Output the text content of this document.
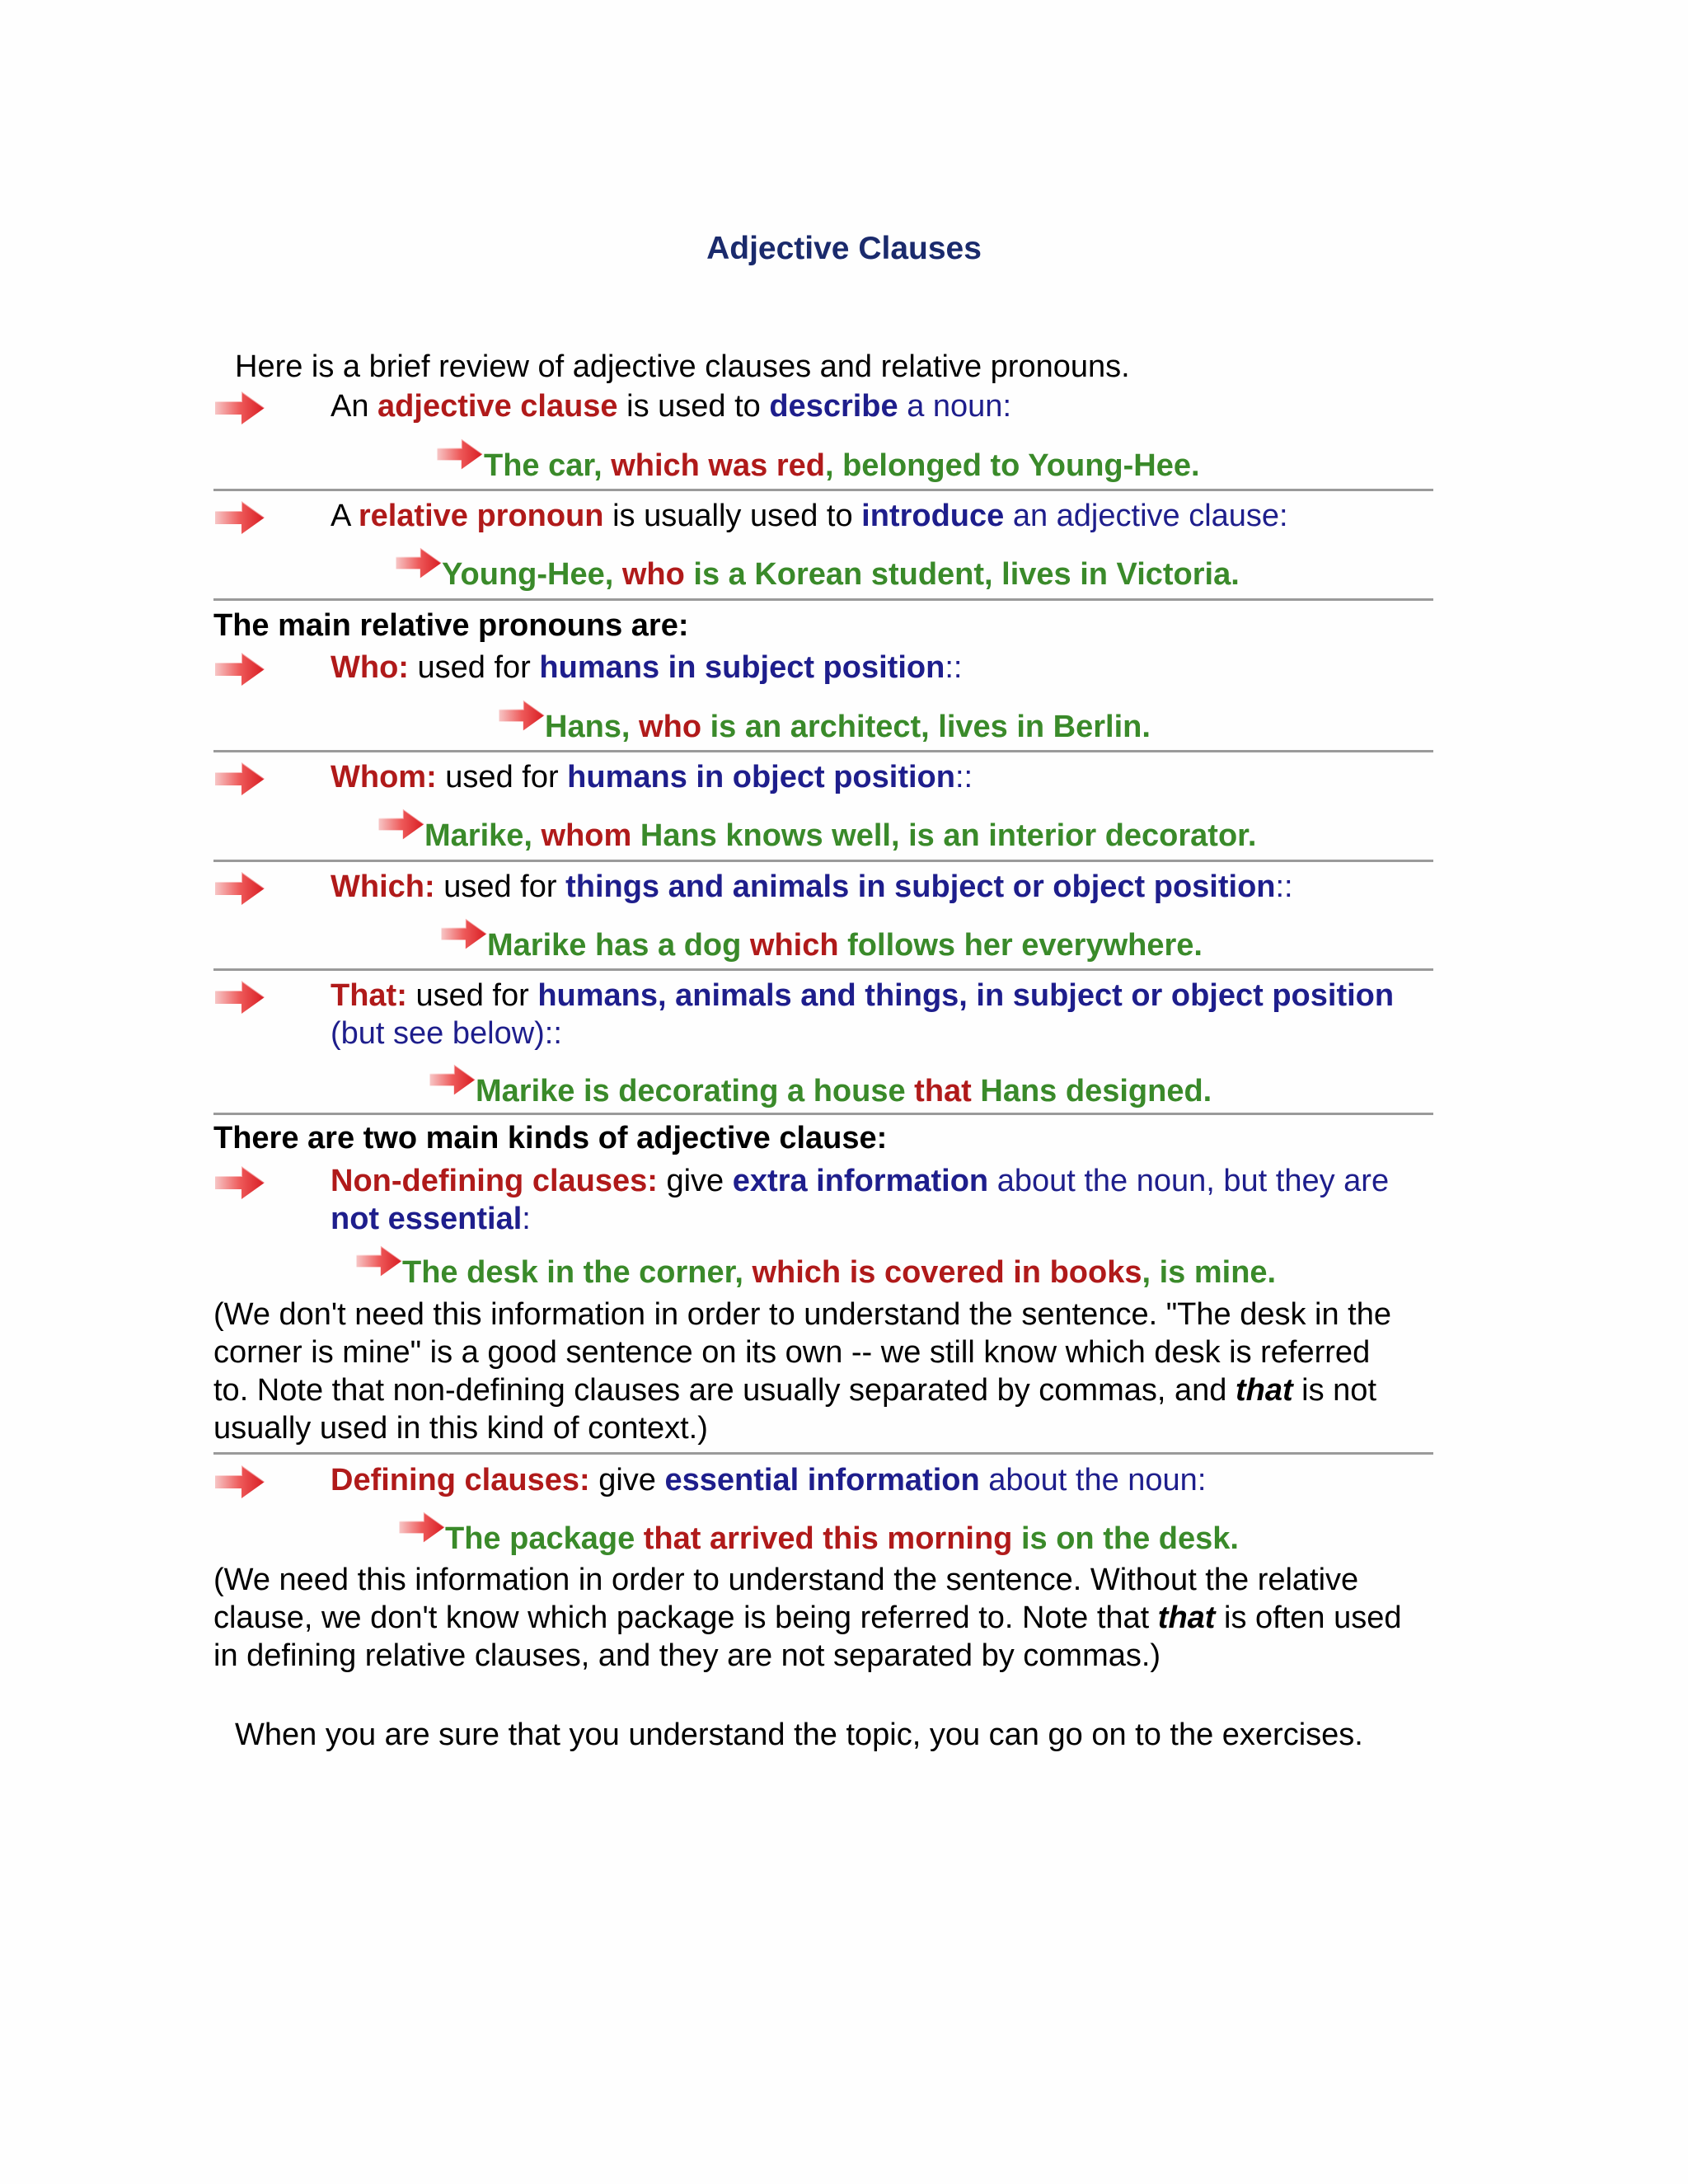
Adjective Clauses
Here is a brief review of adjective clauses and relative pronouns.
An adjective clause is used to describe a noun:
The car, which was red, belonged to Young-Hee.
A relative pronoun is usually used to introduce an adjective clause:
Young-Hee, who is a Korean student, lives in Victoria.
The main relative pronouns are:
Who: used for humans in subject position::
Hans, who is an architect, lives in Berlin.
Whom: used for humans in object position::
Marike, whom Hans knows well, is an interior decorator.
Which: used for things and animals in subject or object position::
Marike has a dog which follows her everywhere.
That: used for humans, animals and things, in subject or object position
(but see below)::
Marike is decorating a house that Hans designed.
There are two main kinds of adjective clause:
Non-defining clauses: give extra information about the noun, but they are
not essential:
The desk in the corner, which is covered in books, is mine.
(We don't need this information in order to understand the sentence. "The desk in the
corner is mine" is a good sentence on its own -- we still know which desk is referred
to. Note that non-defining clauses are usually separated by commas, and that is not
usually used in this kind of context.)
Defining clauses: give essential information about the noun:
The package that arrived this morning is on the desk.
(We need this information in order to understand the sentence. Without the relative
clause, we don't know which package is being referred to. Note that that is often used
in defining relative clauses, and they are not separated by commas.)
When you are sure that you understand the topic, you can go on to the exercises.
